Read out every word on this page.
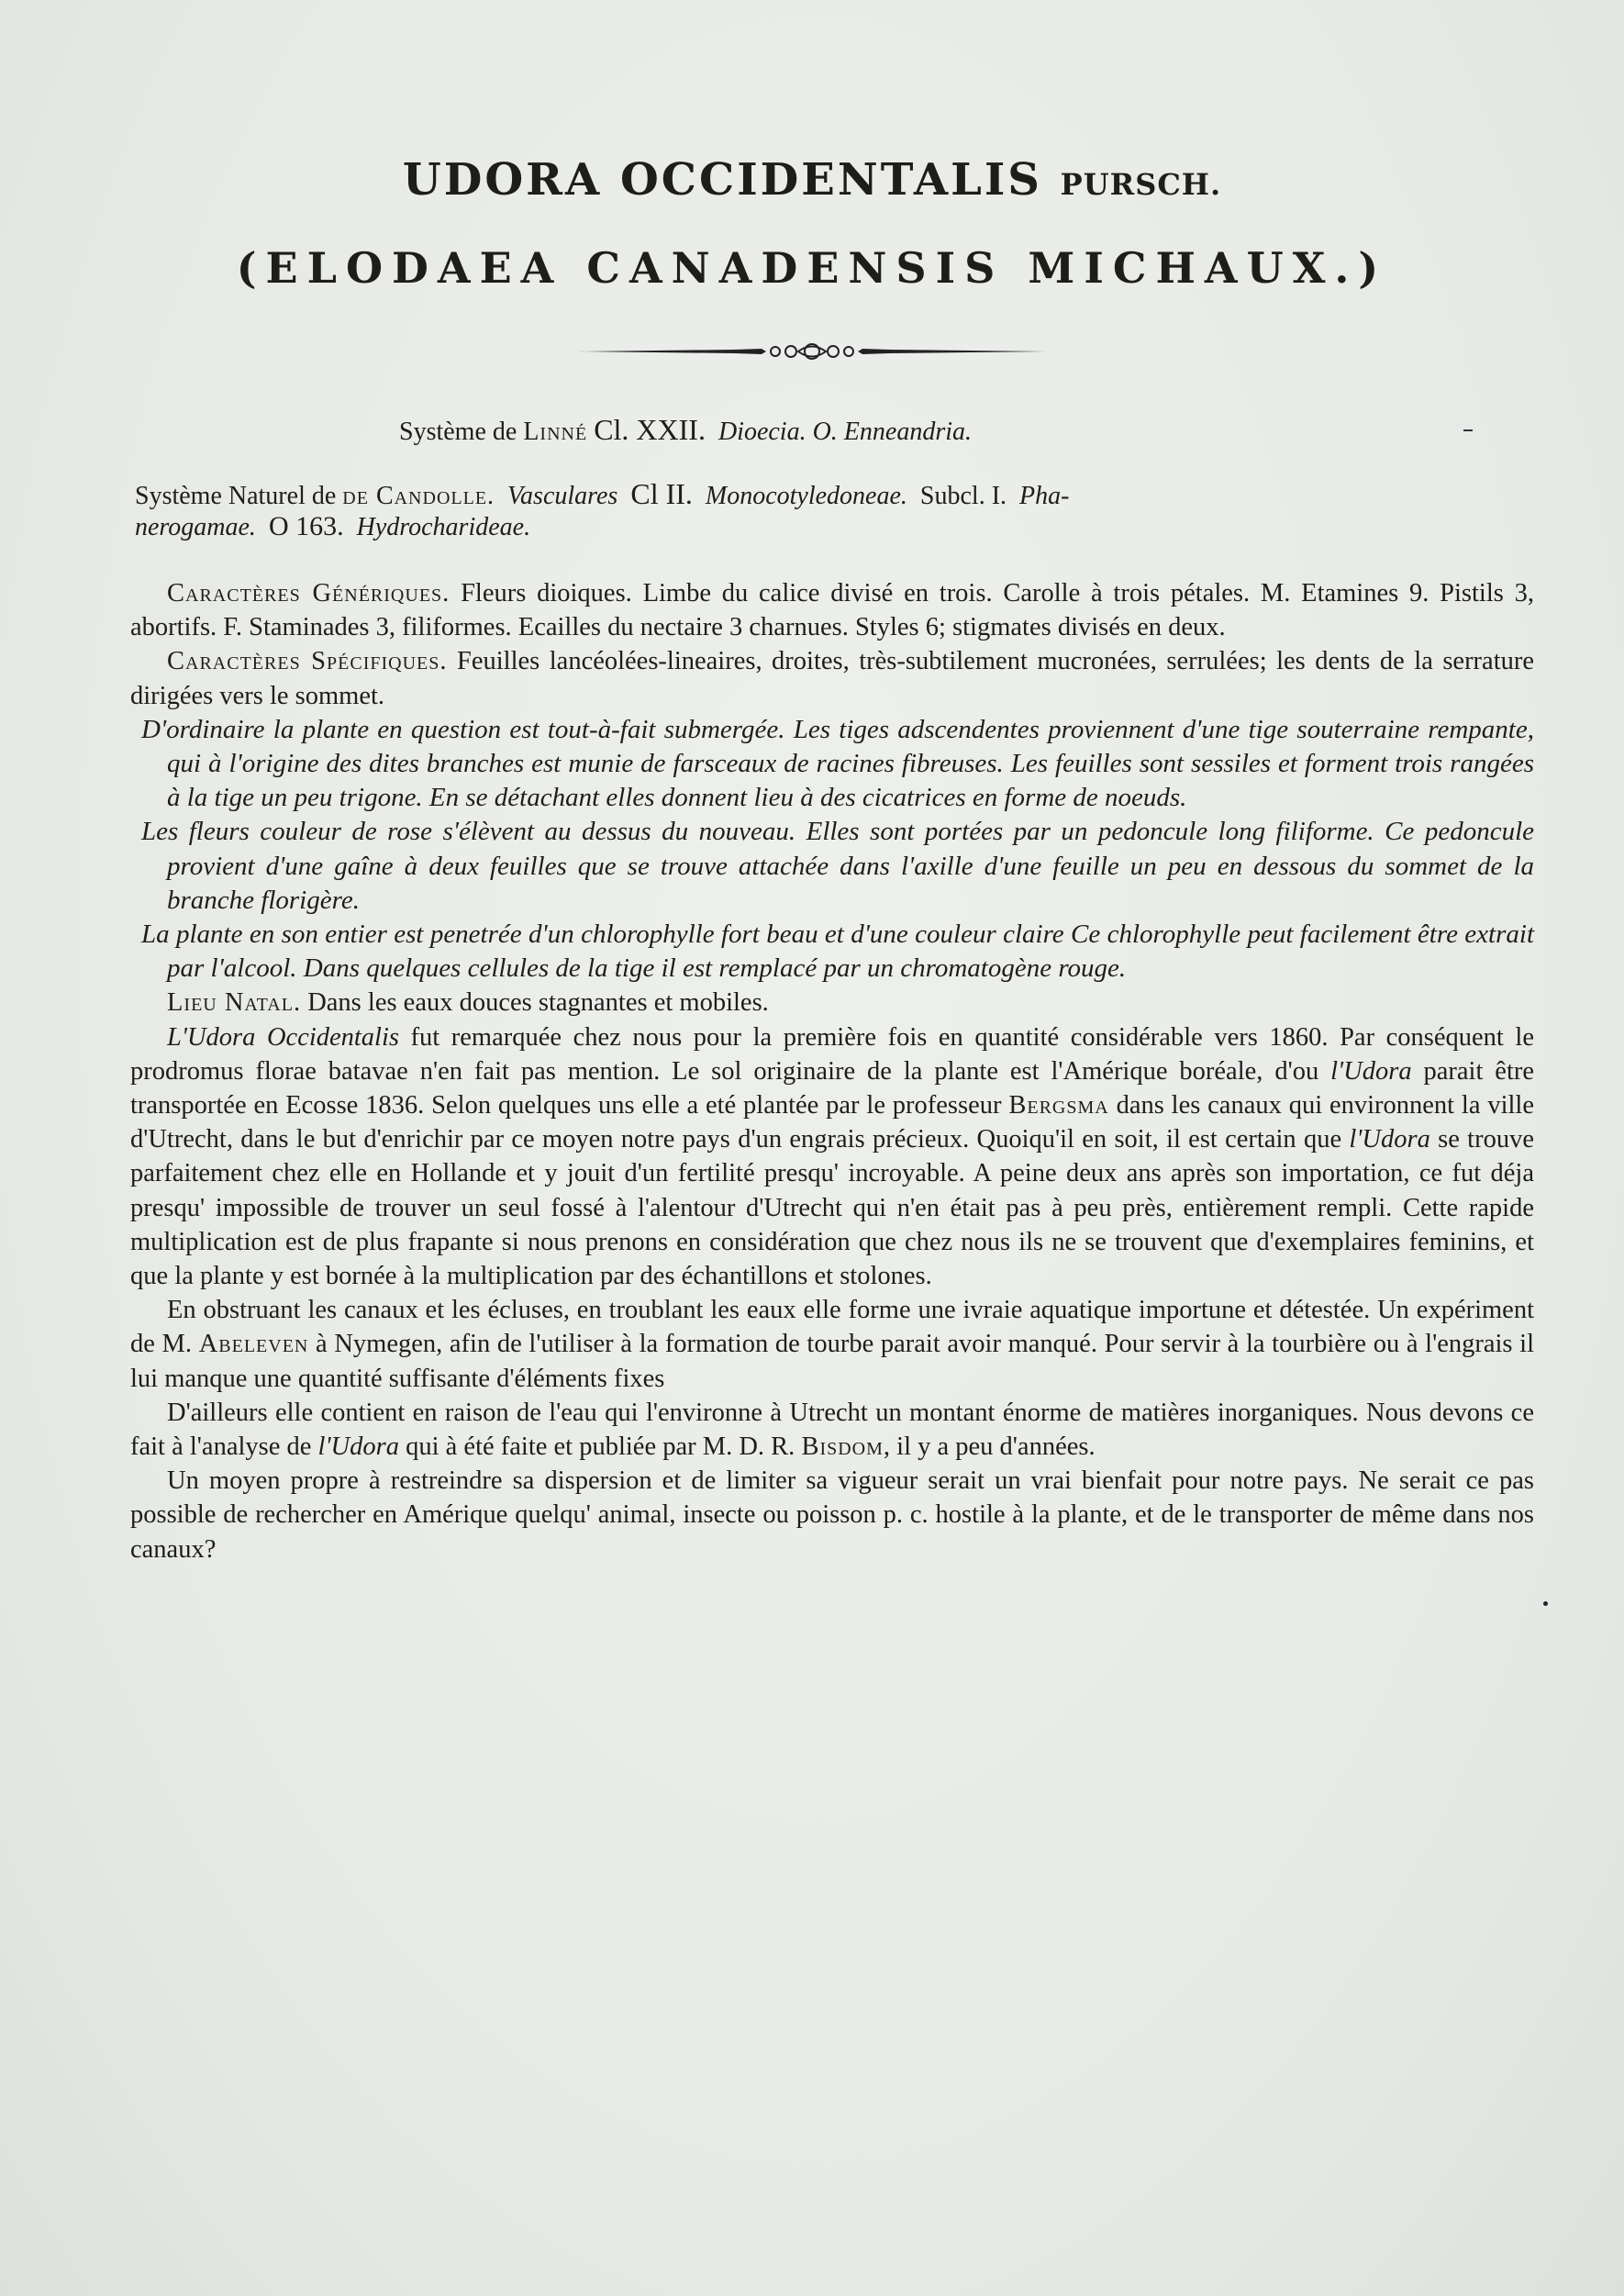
UDORA OCCIDENTALIS PURSCH.
(ELODAEA CANADENSIS MICHAUX.)
Système de Linné Cl. XXII. Dioecia. O. Enneandria.
Système Naturel de de Candolle. Vasculares Cl II. Monocotyledoneae. Subcl. I. Pha-
nerogamae. O 163. Hydrocharideae.

Caractères Génériques. Fleurs dioiques. Limbe du calice divisé en trois. Carolle à trois pétales. M. Etamines 9. Pistils 3, abortifs. F. Staminades 3, filiformes. Ecailles du nectaire 3 charnues. Styles 6; stigmates divisés en deux.

Caractères Spécifiques. Feuilles lancéolées-lineaires, droites, très-subtilement mucronées, serrulées; les dents de la serrature dirigées vers le sommet.

D'ordinaire la plante en question est tout-à-fait submergée. Les tiges adscendentes proviennent d'une tige souterraine rempante, qui à l'origine des dites branches est munie de farsceaux de racines fibreuses. Les feuilles sont sessiles et forment trois rangées à la tige un peu trigone. En se détachant elles donnent lieu à des cicatrices en forme de noeuds.

Les fleurs couleur de rose s'élèvent au dessus du nouveau. Elles sont portées par un pedoncule long filiforme. Ce pedoncule provient d'une gaîne à deux feuilles que se trouve attachée dans l'axille d'une feuille un peu en dessous du sommet de la branche florigère.

La plante en son entier est penetrée d'un chlorophylle fort beau et d'une couleur claire Ce chlorophylle peut facilement être extrait par l'alcool. Dans quelques cellules de la tige il est remplacé par un chromatogène rouge.

Lieu Natal. Dans les eaux douces stagnantes et mobiles.

L'Udora Occidentalis fut remarquée chez nous pour la première fois en quantité considérable vers 1860. Par conséquent le prodromus florae batavae n'en fait pas mention. Le sol originaire de la plante est l'Amérique boréale, d'ou l'Udora parait être transportée en Ecosse 1836. Selon quelques uns elle a eté plantée par le professeur Bergsma dans les canaux qui environnent la ville d'Utrecht, dans le but d'enrichir par ce moyen notre pays d'un engrais précieux. Quoiqu'il en soit, il est certain que l'Udora se trouve parfaitement chez elle en Hollande et y jouit d'un fertilité presqu' incroyable. A peine deux ans après son importation, ce fut déja presqu' impossible de trouver un seul fossé à l'alentour d'Utrecht qui n'en était pas à peu près, entièrement rempli. Cette rapide multiplication est de plus frapante si nous prenons en considération que chez nous ils ne se trouvent que d'exemplaires feminins, et que la plante y est bornée à la multiplication par des échantillons et stolones.

En obstruant les canaux et les écluses, en troublant les eaux elle forme une ivraie aquatique importune et détestée. Un expériment de M. Abeleven à Nymegen, afin de l'utiliser à la formation de tourbe parait avoir manqué. Pour servir à la tourbière ou à l'engrais il lui manque une quantité suffisante d'éléments fixes

D'ailleurs elle contient en raison de l'eau qui l'environne à Utrecht un montant énorme de matières inorganiques. Nous devons ce fait à l'analyse de l'Udora qui à été faite et publiée par M. D. R. Bisdom, il y a peu d'années.

Un moyen propre à restreindre sa dispersion et de limiter sa vigueur serait un vrai bienfait pour notre pays. Ne serait ce pas possible de rechercher en Amérique quelqu' animal, insecte ou poisson p. c. hostile à la plante, et de le transporter de même dans nos canaux?
